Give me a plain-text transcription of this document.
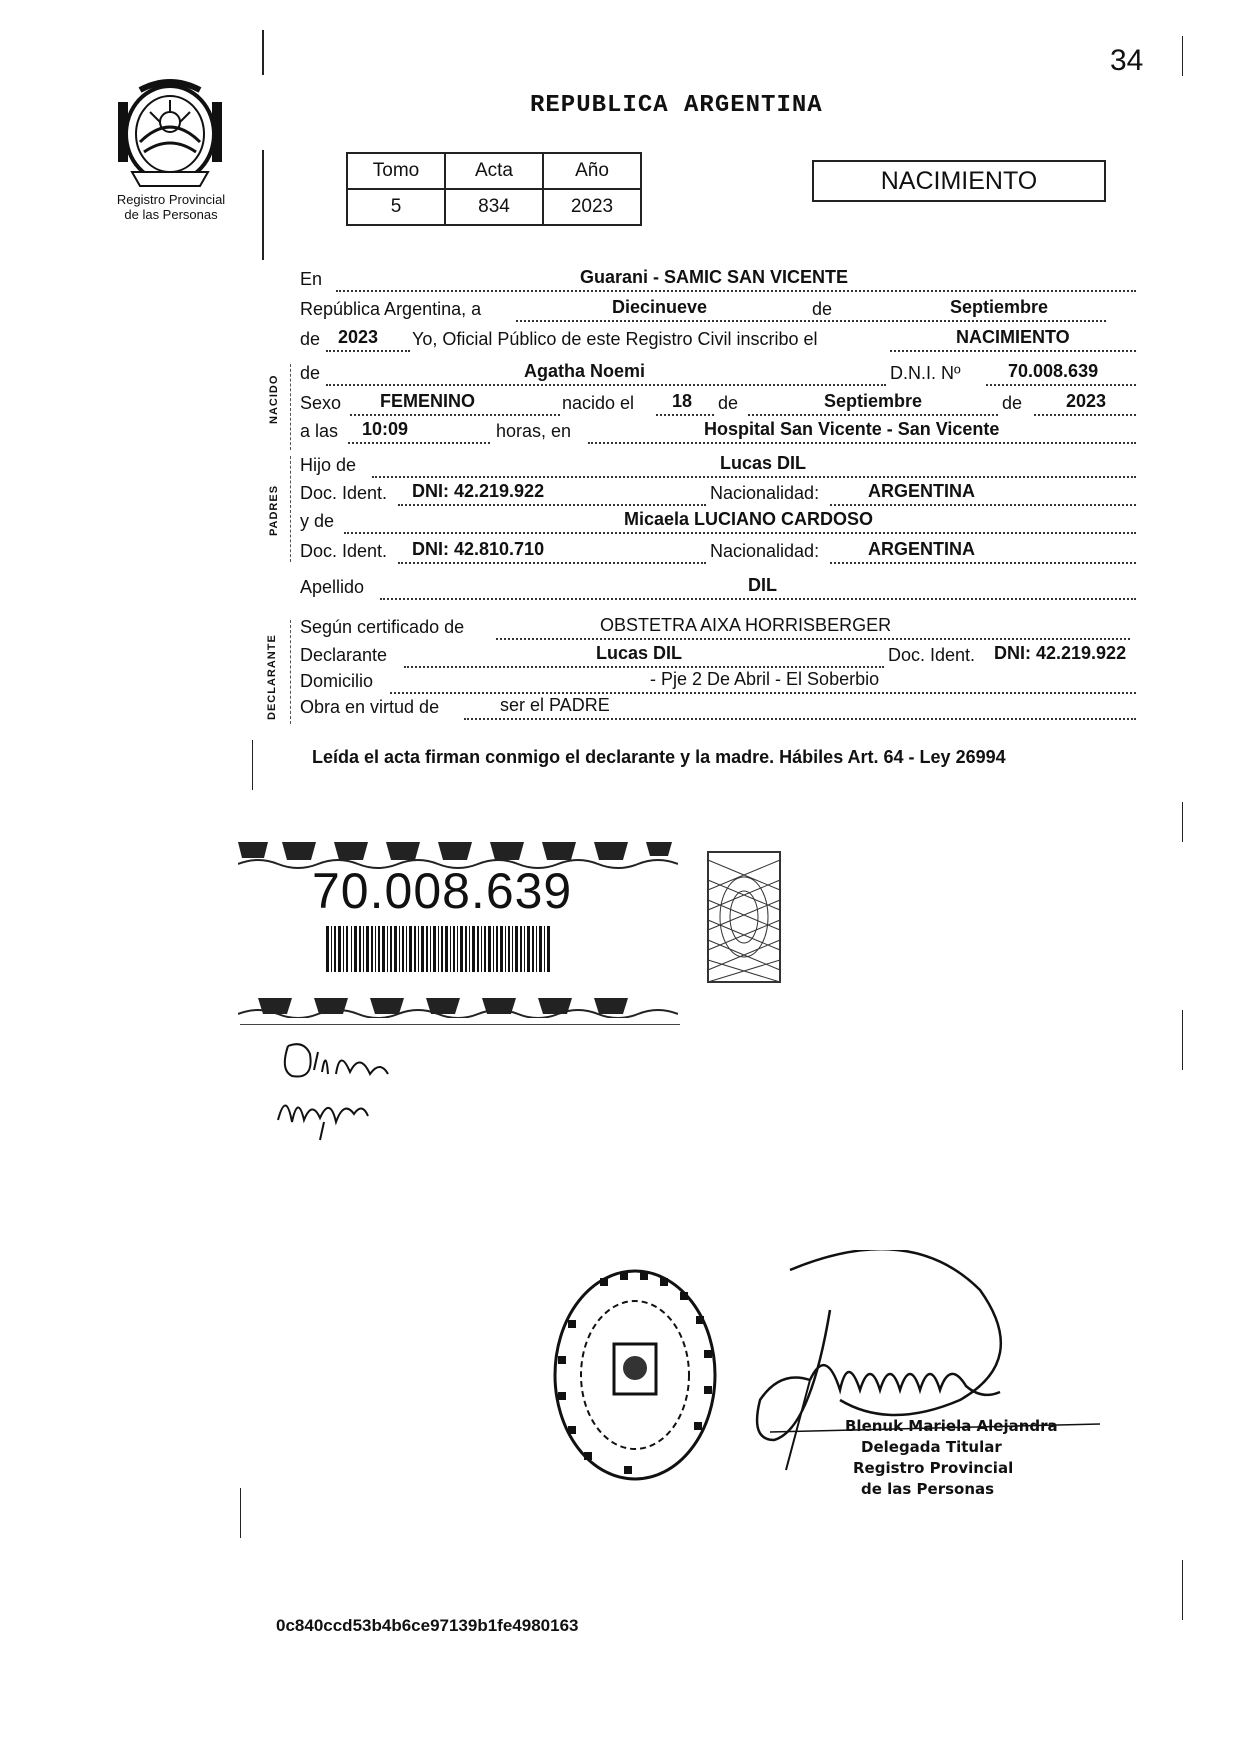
34
REPUBLICA ARGENTINA
Registro Provincial
de las Personas
Tomo	Acta	Año
5	834	2023
NACIMIENTO
En	Guarani - SAMIC SAN VICENTE
República Argentina, a	Diecinueve	de	Septiembre
de 2023 Yo, Oficial Público de este Registro Civil inscribo el	NACIMIENTO
de	Agatha Noemi	D.N.I. Nº	70.008.639
Sexo FEMENINO	nacido el 18 de	Septiembre	de 2023
a las 10:09	horas, en	Hospital San Vicente - San Vicente
Hijo de	Lucas DIL
Doc. Ident. DNI: 42.219.922	Nacionalidad:	ARGENTINA
y de	Micaela LUCIANO CARDOSO
Doc. Ident. DNI: 42.810.710	Nacionalidad:	ARGENTINA
Apellido	DIL
Según certificado de	OBSTETRA AIXA HORRISBERGER
Declarante	Lucas DIL	Doc. Ident. DNI: 42.219.922
Domicilio	- Pje 2 De Abril - El Soberbio
Obra en virtud de	ser el PADRE
NACIDO
PADRES
DECLARANTE
Leída el acta firman conmigo el declarante y la madre. Hábiles Art. 64 - Ley 26994
70.008.639
Blenuk Mariela Alejandra
Delegada Titular
Registro Provincial
de las Personas
0c840ccd53b4b6ce97139b1fe4980163
